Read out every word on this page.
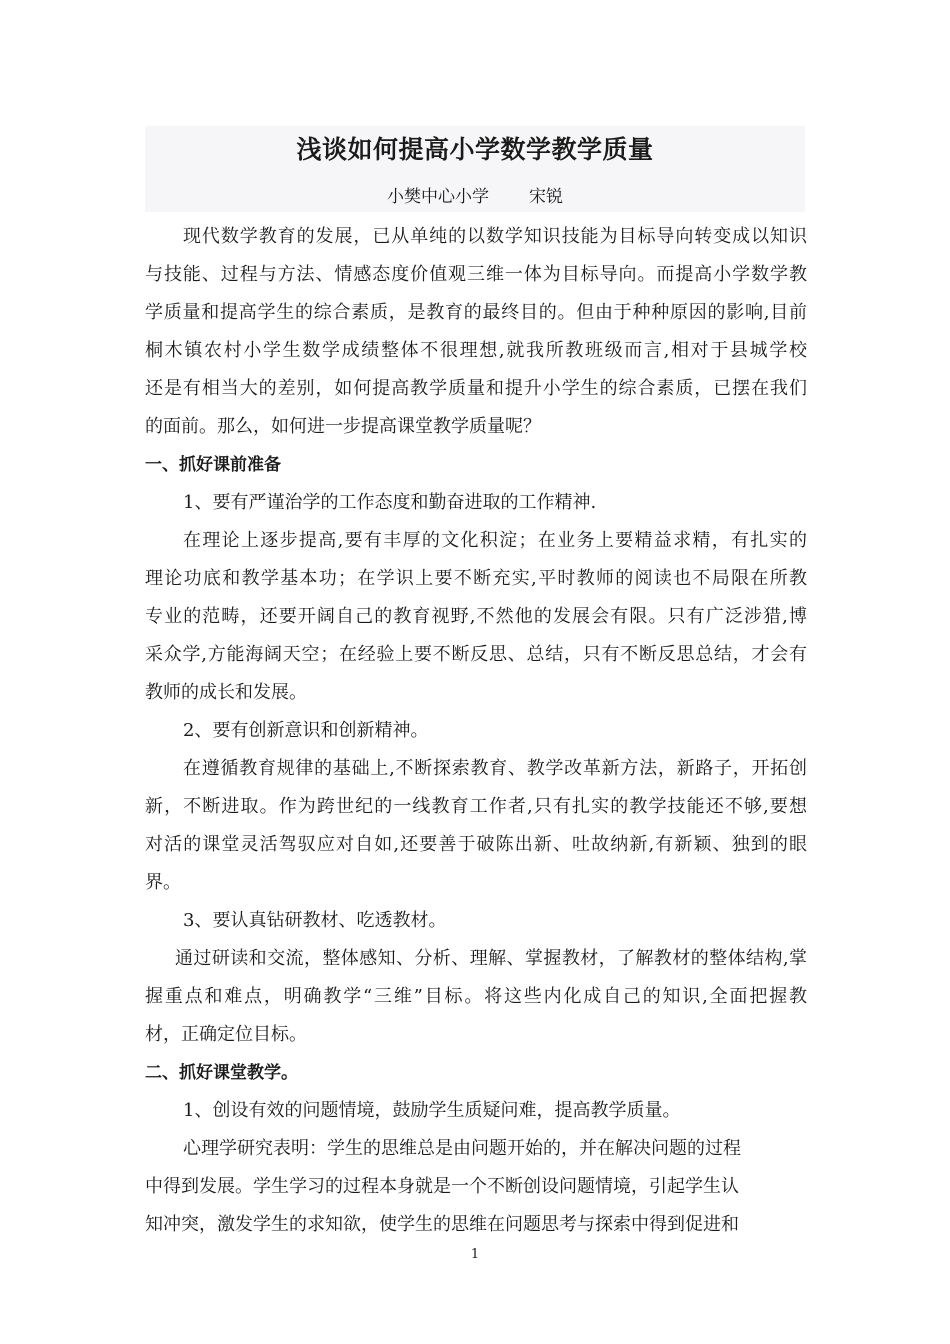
浅谈如何提高小学数学教学质量
小樊中心小学 宋锐
现代数学教育的发展，已从单纯的以数学知识技能为目标导向转变成以知识
与技能、过程与方法、情感态度价值观三维一体为目标导向。而提高小学数学教
学质量和提高学生的综合素质，是教育的最终目的。但由于种种原因的影响,目前
桐木镇农村小学生数学成绩整体不很理想,就我所教班级而言,相对于县城学校
还是有相当大的差别，如何提高教学质量和提升小学生的综合素质，已摆在我们
的面前。那么，如何进一步提高课堂教学质量呢？
一、抓好课前准备
1、要有严谨治学的工作态度和勤奋进取的工作精神.
在理论上逐步提高,要有丰厚的文化积淀；在业务上要精益求精，有扎实的
理论功底和教学基本功；在学识上要不断充实,平时教师的阅读也不局限在所教
专业的范畴，还要开阔自己的教育视野,不然他的发展会有限。只有广泛涉猎,博
采众学,方能海阔天空；在经验上要不断反思、总结，只有不断反思总结，才会有
教师的成长和发展。
2、要有创新意识和创新精神。
在遵循教育规律的基础上,不断探索教育、教学改革新方法，新路子，开拓创
新，不断进取。作为跨世纪的一线教育工作者,只有扎实的教学技能还不够,要想
对活的课堂灵活驾驭应对自如,还要善于破陈出新、吐故纳新,有新颖、独到的眼
界。
3、要认真钻研教材、吃透教材。
通过研读和交流，整体感知、分析、理解、掌握教材，了解教材的整体结构,掌
握重点和难点，明确教学“三维”目标。将这些内化成自己的知识,全面把握教
材，正确定位目标。
二、抓好课堂教学。
1、创设有效的问题情境，鼓励学生质疑问难，提高教学质量。
心理学研究表明：学生的思维总是由问题开始的，并在解决问题的过程
中得到发展。学生学习的过程本身就是一个不断创设问题情境，引起学生认
知冲突，激发学生的求知欲，使学生的思维在问题思考与探索中得到促进和
1
